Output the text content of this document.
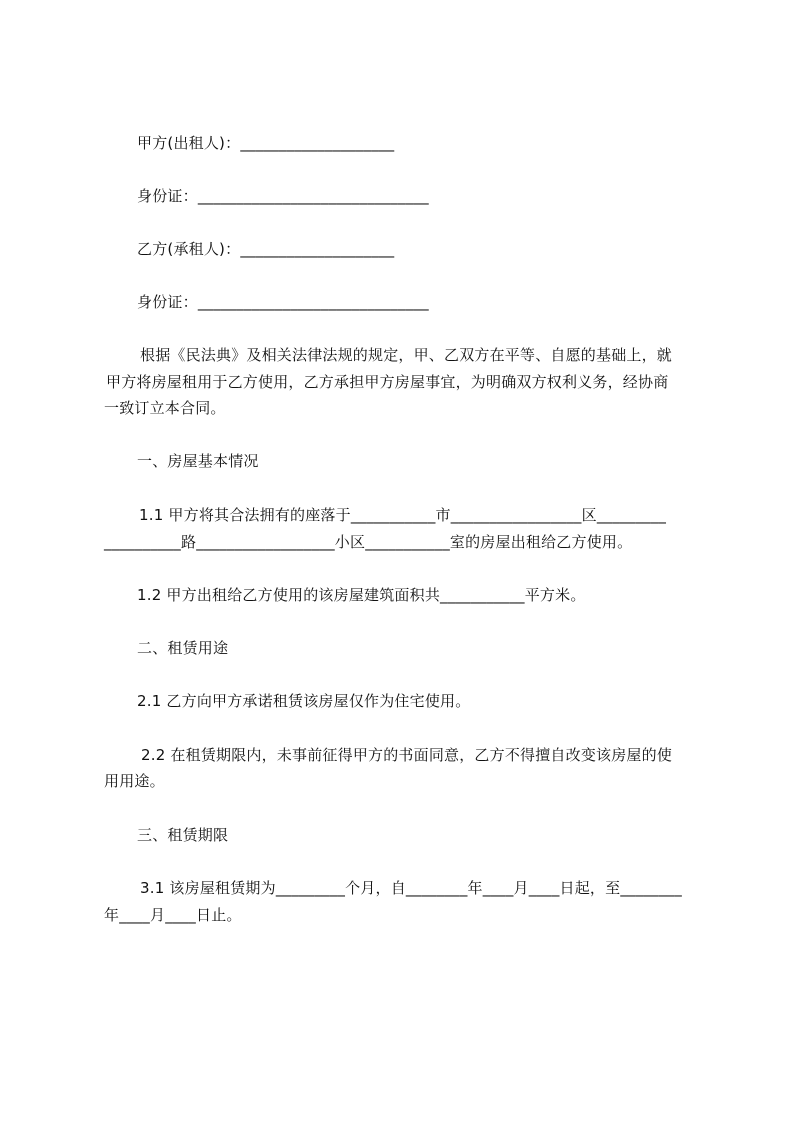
甲方(出租人)：____________________
身份证：______________________________
乙方(承租人)：____________________
身份证：______________________________
根据《民法典》及相关法律法规的规定，甲、乙双方在平等、自愿的基础上，就
甲方将房屋租用于乙方使用，乙方承担甲方房屋事宜，为明确双方权利义务，经协商
一致订立本合同。
一、房屋基本情况
1.1 甲方将其合法拥有的座落于___________市_________________区_________
__________路__________________小区___________室的房屋出租给乙方使用。
1.2 甲方出租给乙方使用的该房屋建筑面积共___________平方米。
二、租赁用途
2.1 乙方向甲方承诺租赁该房屋仅作为住宅使用。
2.2 在租赁期限内，未事前征得甲方的书面同意，乙方不得擅自改变该房屋的使
用用途。
三、租赁期限
3.1 该房屋租赁期为_________个月，自________年____月____日起，至________
年____月____日止。
